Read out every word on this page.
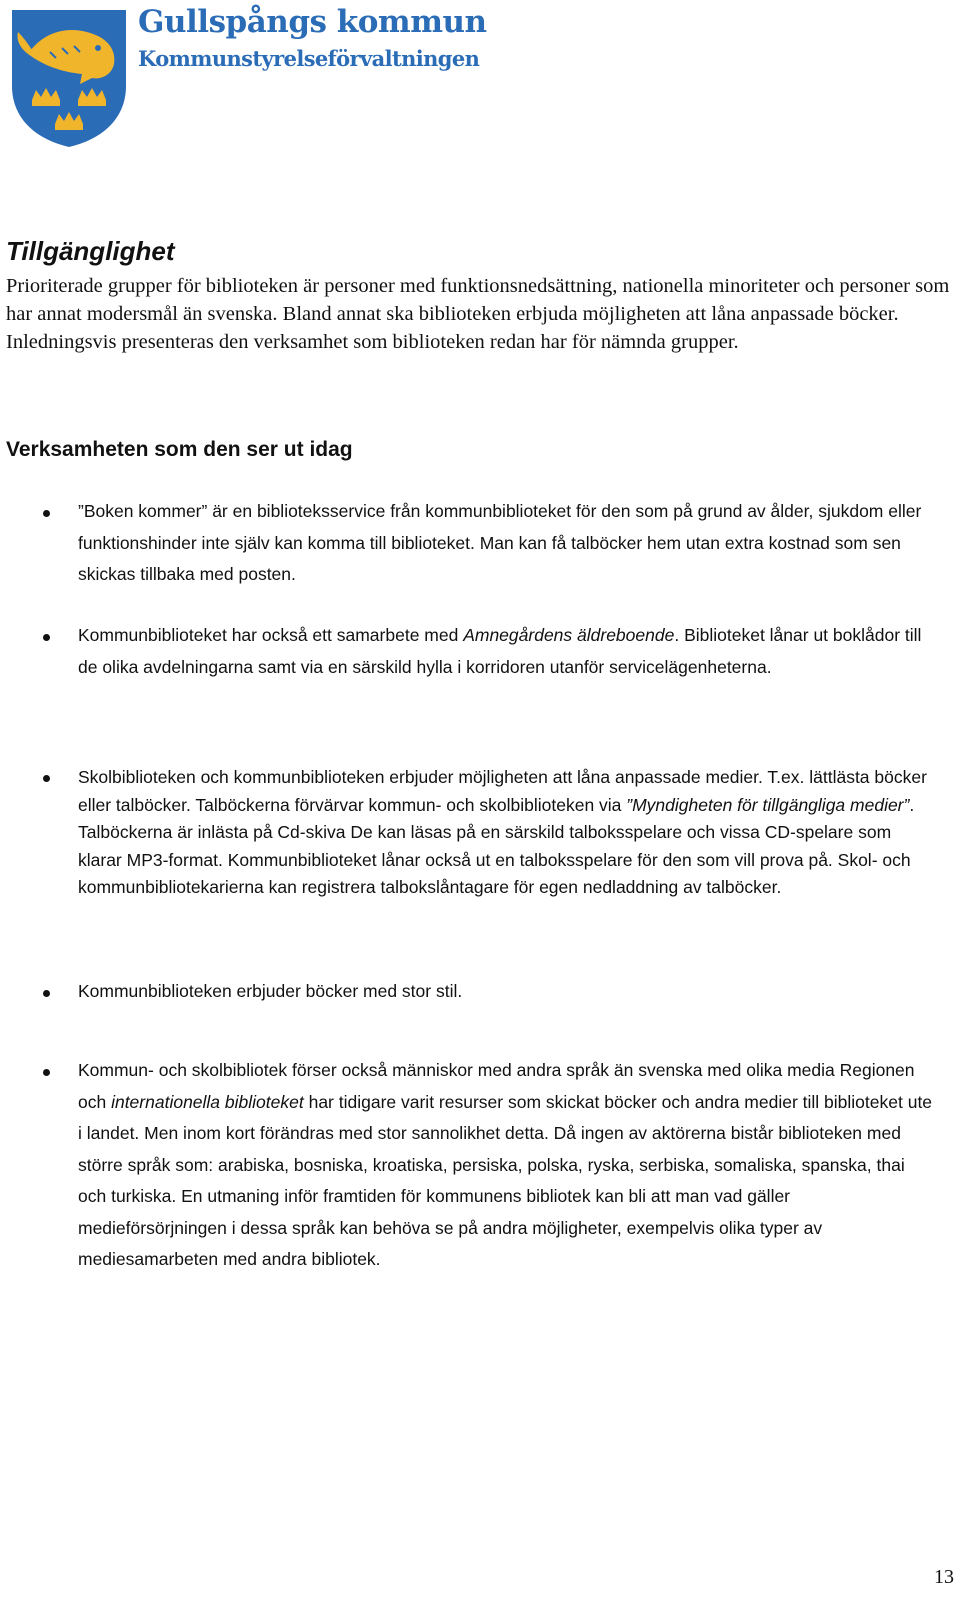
Gullspångs kommun
Kommunstyrelseförvaltningen
Tillgänglighet

Prioriterade grupper för biblioteken är personer med funktionsnedsättning, nationella minoriteter och personer som har annat modersmål än svenska. Bland annat ska biblioteken erbjuda möjligheten att låna anpassade böcker. Inledningsvis presenteras den verksamhet som biblioteken redan har för nämnda grupper.

Verksamheten som den ser ut idag
”Boken kommer” är en biblioteksservice från kommunbiblioteket för den som på grund av ålder, sjukdom eller funktionshinder inte själv kan komma till biblioteket. Man kan få talböcker hem utan extra kostnad som sen skickas tillbaka med posten.
Kommunbiblioteket har också ett samarbete med Amnegårdens äldreboende. Biblioteket lånar ut boklådor till de olika avdelningarna samt via en särskild hylla i korridoren utanför servicelägenheterna.
Skolbiblioteken och kommunbiblioteken erbjuder möjligheten att låna anpassade medier. T.ex. lättlästa böcker eller talböcker. Talböckerna förvärvar kommun- och skolbiblioteken via ”Myndigheten för tillgängliga medier”. Talböckerna är inlästa på Cd-skiva De kan läsas på en särskild talboksspelare och vissa CD-spelare som klarar MP3-format. Kommunbiblioteket lånar också ut en talboksspelare för den som vill prova på. Skol- och kommunbibliotekarierna kan registrera talbokslåntagare för egen nedladdning av talböcker.
Kommunbiblioteken erbjuder böcker med stor stil.
Kommun- och skolbibliotek förser också människor med andra språk än svenska med olika media Regionen och internationella biblioteket har tidigare varit resurser som skickat böcker och andra medier till biblioteket ute i landet. Men inom kort förändras med stor sannolikhet detta. Då ingen av aktörerna bistår biblioteken med större språk som: arabiska, bosniska, kroatiska, persiska, polska, ryska, serbiska, somaliska, spanska, thai och turkiska. En utmaning inför framtiden för kommunens bibliotek kan bli att man vad gäller medieförsörjningen i dessa språk kan behöva se på andra möjligheter, exempelvis olika typer av mediesamarbeten med andra bibliotek.
13
